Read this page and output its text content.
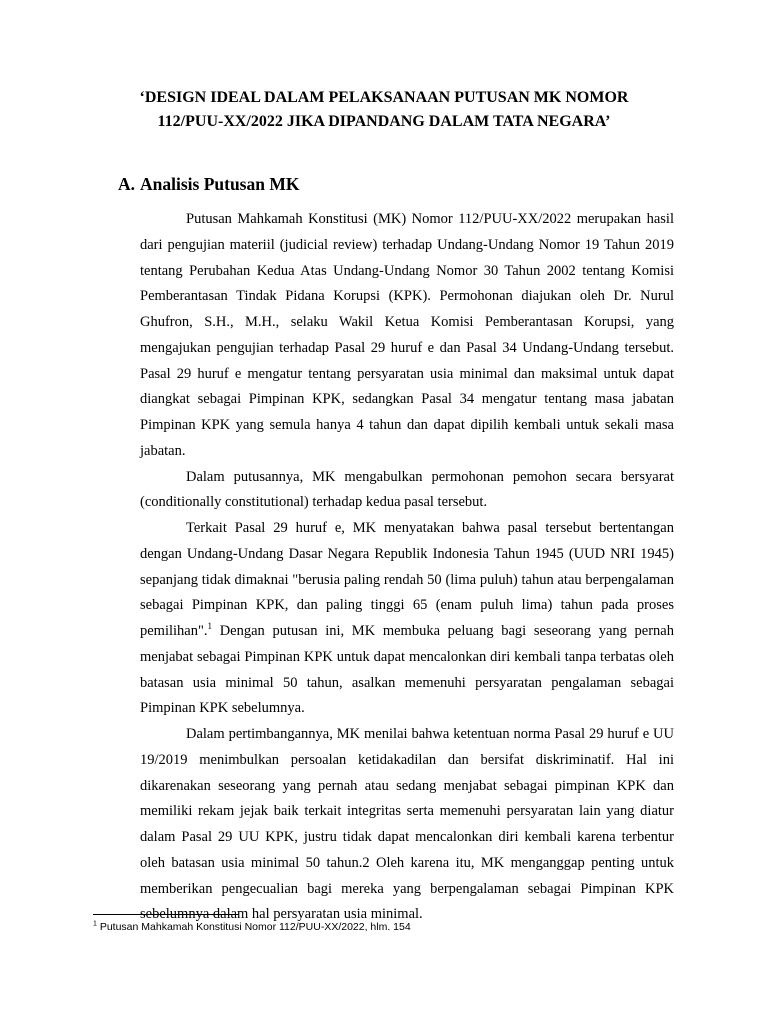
‘DESIGN IDEAL DALAM PELAKSANAAN PUTUSAN MK NOMOR
112/PUU-XX/2022 JIKA DIPANDANG DALAM TATA NEGARA’
A. Analisis Putusan MK

Putusan Mahkamah Konstitusi (MK) Nomor 112/PUU-XX/2022 merupakan hasil dari pengujian materiil (judicial review) terhadap Undang-Undang Nomor 19 Tahun 2019 tentang Perubahan Kedua Atas Undang-Undang Nomor 30 Tahun 2002 tentang Komisi Pemberantasan Tindak Pidana Korupsi (KPK). Permohonan diajukan oleh Dr. Nurul Ghufron, S.H., M.H., selaku Wakil Ketua Komisi Pemberantasan Korupsi, yang mengajukan pengujian terhadap Pasal 29 huruf e dan Pasal 34 Undang-Undang tersebut. Pasal 29 huruf e mengatur tentang persyaratan usia minimal dan maksimal untuk dapat diangkat sebagai Pimpinan KPK, sedangkan Pasal 34 mengatur tentang masa jabatan Pimpinan KPK yang semula hanya 4 tahun dan dapat dipilih kembali untuk sekali masa jabatan.

Dalam putusannya, MK mengabulkan permohonan pemohon secara bersyarat (conditionally constitutional) terhadap kedua pasal tersebut.

Terkait Pasal 29 huruf e, MK menyatakan bahwa pasal tersebut bertentangan dengan Undang-Undang Dasar Negara Republik Indonesia Tahun 1945 (UUD NRI 1945) sepanjang tidak dimaknai "berusia paling rendah 50 (lima puluh) tahun atau berpengalaman sebagai Pimpinan KPK, dan paling tinggi 65 (enam puluh lima) tahun pada proses pemilihan".$^1$ Dengan putusan ini, MK membuka peluang bagi seseorang yang pernah menjabat sebagai Pimpinan KPK untuk dapat mencalonkan diri kembali tanpa terbatas oleh batasan usia minimal 50 tahun, asalkan memenuhi persyaratan pengalaman sebagai Pimpinan KPK sebelumnya.

Dalam pertimbangannya, MK menilai bahwa ketentuan norma Pasal 29 huruf e UU 19/2019 menimbulkan persoalan ketidakadilan dan bersifat diskriminatif. Hal ini dikarenakan seseorang yang pernah atau sedang menjabat sebagai pimpinan KPK dan memiliki rekam jejak baik terkait integritas serta memenuhi persyaratan lain yang diatur dalam Pasal 29 UU KPK, justru tidak dapat mencalonkan diri kembali karena terbentur oleh batasan usia minimal 50 tahun.2 Oleh karena itu, MK menganggap penting untuk memberikan pengecualian bagi mereka yang berpengalaman sebagai Pimpinan KPK sebelumnya dalam hal persyaratan usia minimal.

$^1$ Putusan Mahkamah Konstitusi Nomor 112/PUU-XX/2022, hlm. 154
